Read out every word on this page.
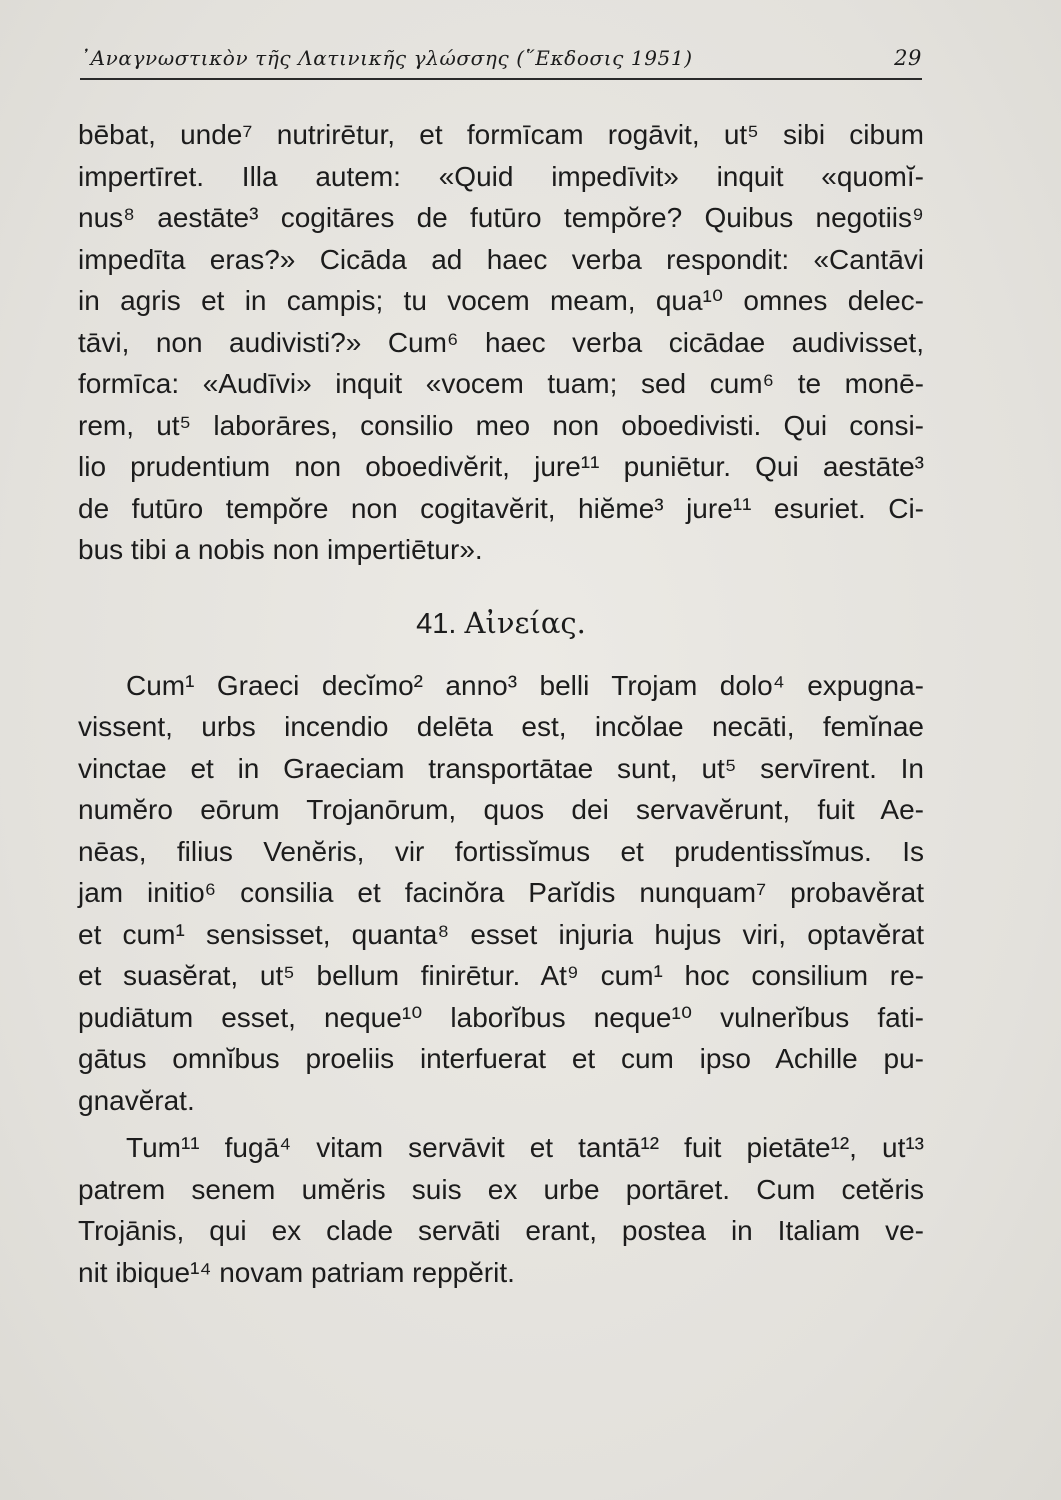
᾿Αναγνωστικὸν τῆς Λατινικῆς γλώσσης (῞Εκδοσις 1951)	29
bēbat, unde⁷ nutrirētur, et formīcam rogāvit, ut⁵ sibi cibum
impertīret. Illa autem: «Quid impedīvit» inquit «quomĭ-
nus⁸ aestāte³ cogitāres de futūro tempŏre? Quibus negotiis⁹
impedīta eras?» Cicāda ad haec verba respondit: «Cantāvi
in agris et in campis; tu vocem meam, qua¹⁰ omnes delec-
tāvi, non audivisti?» Cum⁶ haec verba cicādae audivisset,
formīca: «Audīvi» inquit «vocem tuam; sed cum⁶ te monē-
rem, ut⁵ laborāres, consilio meo non oboedivisti. Qui consi-
lio prudentium non oboedivĕrit, jure¹¹ puniētur. Qui aestāte³
de futūro tempŏre non cogitavĕrit, hiĕme³ jure¹¹ esuriet. Ci-
bus tibi a nobis non impertiētur».
41. Αἰνείας.
Cum¹ Graeci decĭmo² anno³ belli Trojam dolo⁴ expugna-
vissent, urbs incendio delēta est, incŏlae necāti, femĭnae
vinctae et in Graeciam transportātae sunt, ut⁵ servīrent. In
numĕro eōrum Trojanōrum, quos dei servavĕrunt, fuit Ae-
nēas, filius Venĕris, vir fortissĭmus et prudentissĭmus. Is
jam initio⁶ consilia et facinŏra Parĭdis nunquam⁷ probavĕrat
et cum¹ sensisset, quanta⁸ esset injuria hujus viri, optavĕrat
et suasĕrat, ut⁵ bellum finirētur. At⁹ cum¹ hoc consilium re-
pudiātum esset, neque¹⁰ laborĭbus neque¹⁰ vulnerĭbus fati-
gātus omnĭbus proeliis interfuerat et cum ipso Achille pu-
gnavĕrat.
Tum¹¹ fugā⁴ vitam servāvit et tantā¹² fuit pietāte¹², ut¹³
patrem senem umĕris suis ex urbe portāret. Cum cetĕris
Trojānis, qui ex clade servāti erant, postea in Italiam ve-
nit ibique¹⁴ novam patriam reppĕrit.
